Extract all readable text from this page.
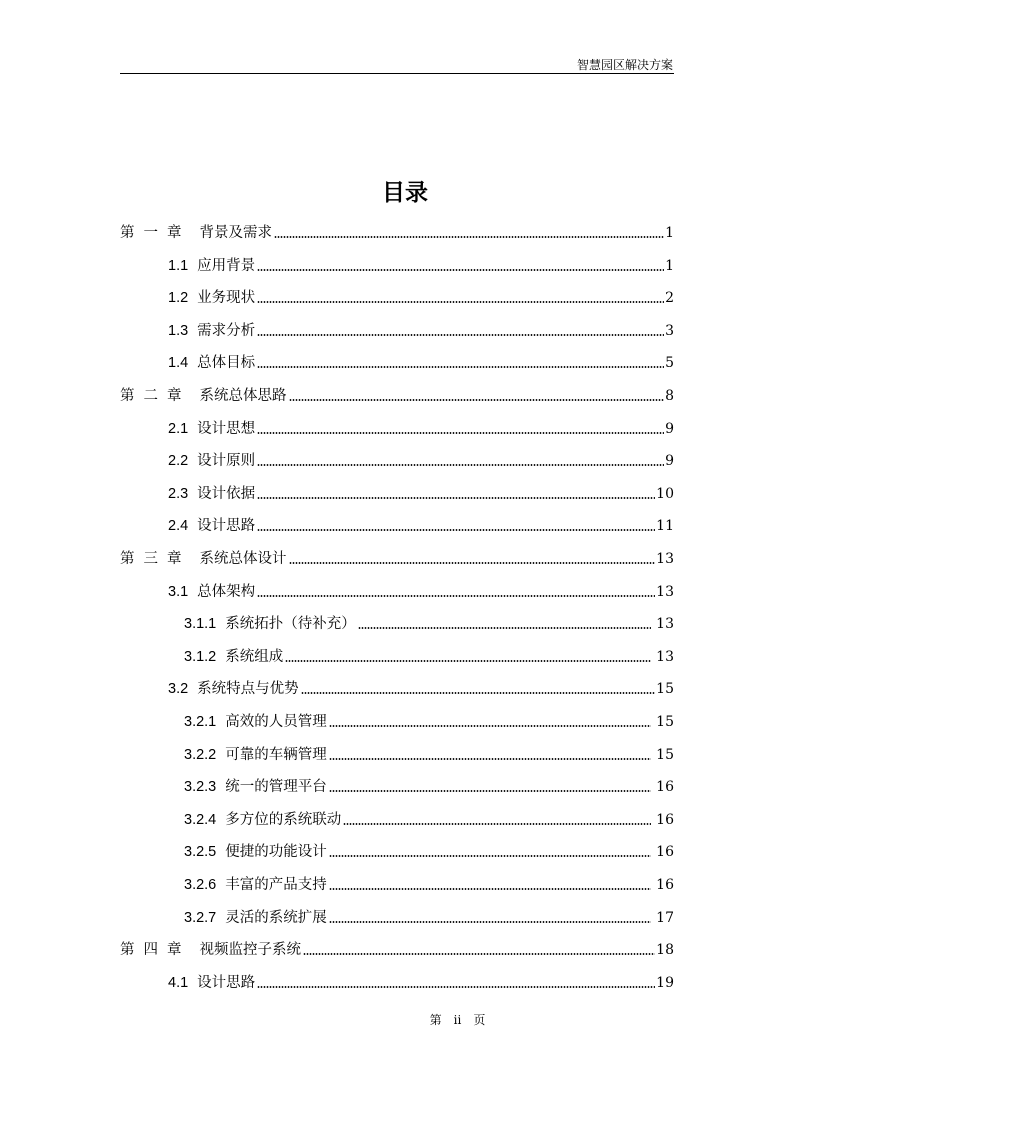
智慧园区解决方案
目录
第 一 章	背景及需求	1
1.1 应用背景	1
1.2 业务现状	2
1.3 需求分析	3
1.4 总体目标	5
第 二 章	系统总体思路	8
2.1 设计思想	9
2.2 设计原则	9
2.3 设计依据	10
2.4 设计思路	11
第 三 章	系统总体设计	13
3.1 总体架构	13
3.1.1 系统拓扑（待补充）	13
3.1.2 系统组成	13
3.2 系统特点与优势	15
3.2.1 高效的人员管理	15
3.2.2 可靠的车辆管理	15
3.2.3 统一的管理平台	16
3.2.4 多方位的系统联动	16
3.2.5 便捷的功能设计	16
3.2.6 丰富的产品支持	16
3.2.7 灵活的系统扩展	17
第 四 章	视频监控子系统	18
4.1 设计思路	19
第 ii 页
